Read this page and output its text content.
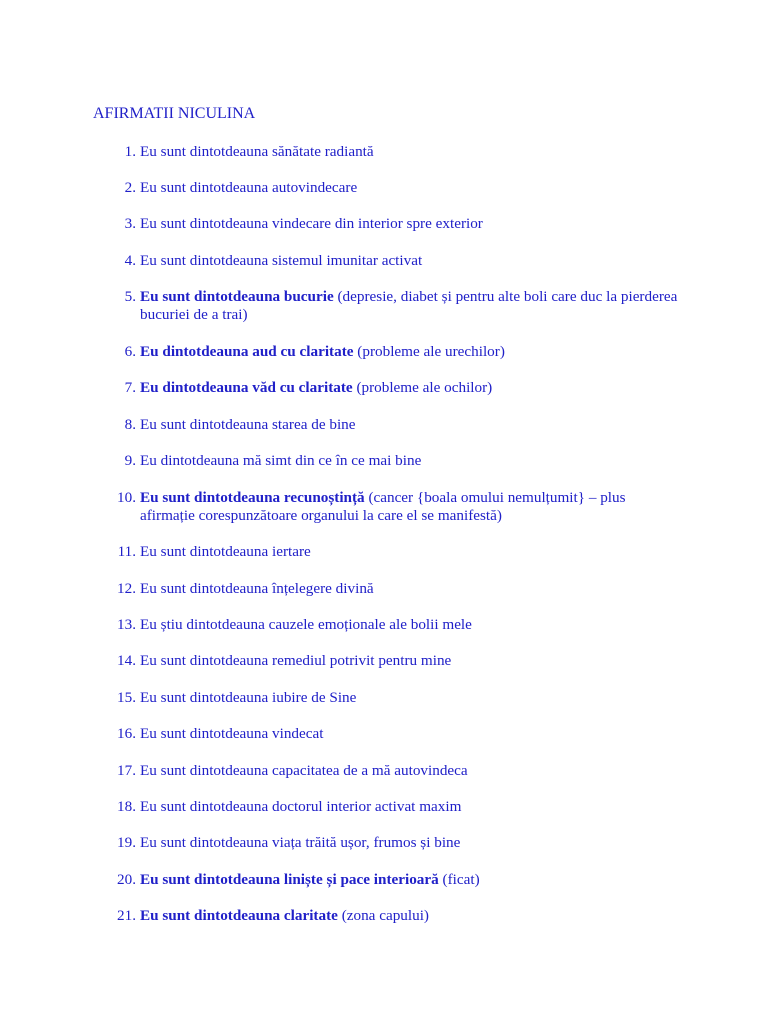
AFIRMATII NICULINA
1. Eu sunt dintotdeauna sănătate radiantă
2. Eu sunt dintotdeauna autovindecare
3. Eu sunt dintotdeauna vindecare din interior spre exterior
4. Eu sunt dintotdeauna sistemul imunitar activat
5. Eu sunt dintotdeauna bucurie (depresie, diabet și pentru alte boli care duc la pierderea bucuriei de a trai)
6. Eu dintotdeauna aud cu claritate (probleme ale urechilor)
7. Eu dintotdeauna văd cu claritate (probleme ale ochilor)
8. Eu sunt dintotdeauna starea de bine
9. Eu dintotdeauna mă simt din ce în ce mai bine
10. Eu sunt dintotdeauna recunoștință (cancer {boala omului nemulțumit} – plus afirmație corespunzătoare organului la care el se manifestă)
11. Eu sunt dintotdeauna iertare
12. Eu sunt dintotdeauna înțelegere divină
13. Eu știu dintotdeauna cauzele emoționale ale bolii mele
14. Eu sunt dintotdeauna remediul potrivit pentru mine
15. Eu sunt dintotdeauna iubire de Sine
16. Eu sunt dintotdeauna vindecat
17. Eu sunt dintotdeauna capacitatea de a mă autovindeca
18. Eu sunt dintotdeauna doctorul interior activat maxim
19. Eu sunt dintotdeauna viața trăită ușor, frumos și bine
20. Eu sunt dintotdeauna liniște și pace interioară (ficat)
21. Eu sunt dintotdeauna claritate (zona capului)
